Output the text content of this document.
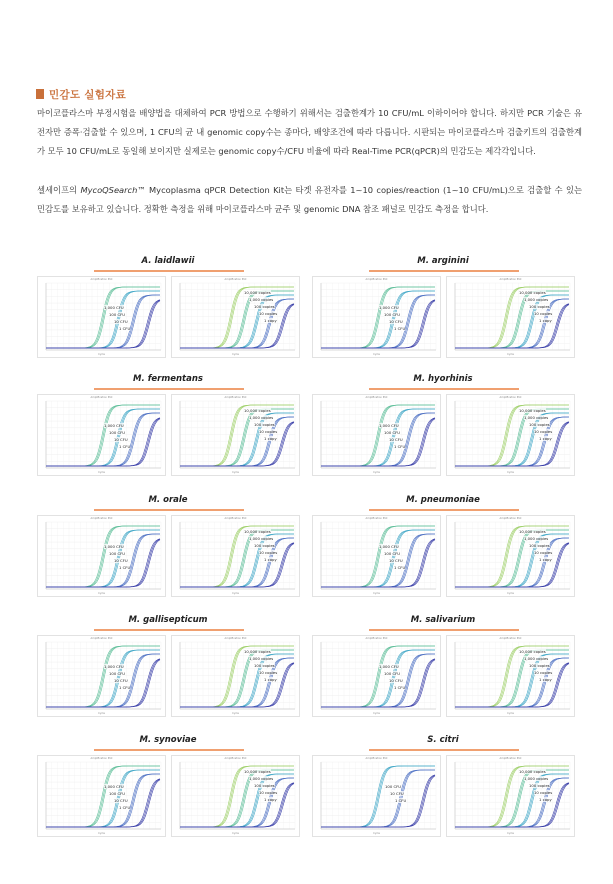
민감도 실험자료

마이코플라스마 부정시험을 배양법을 대체하여 PCR 방법으로 수행하기 위해서는 검출한계가 10 CFU/mL 이하이어야 합니다. 하지만 PCR 기술은 유전자만 증폭·검출할 수 있으며, 1 CFU의 균 내 genomic copy수는 종마다, 배양조건에 따라 다릅니다. 시판되는 마이코플라스마 검출키트의 검출한계가 모두 10 CFU/mL로 동일해 보이지만 실제로는 genomic copy수/CFU 비율에 따라 Real-Time PCR(qPCR)의 민감도는 제각각입니다.

셀세이프의 MycoQSearch™ Mycoplasma qPCR Detection Kit는 타겟 유전자를 1~10 copies/reaction (1~10 CFU/mL)으로 검출할 수 있는 민감도를 보유하고 있습니다. 정확한 측정을 위해 마이코플라스마 균주 및 genomic DNA 참조 패널로 민감도 측정을 합니다.

A. laidlawii
Amplification Plot
Cycle
1,000 CFU
100 CFU
10 CFU
1 CFU
Amplification Plot
Cycle
10,000 copies
1,000 copies
100 copies
10 copies
1 copy
M. arginini
Amplification Plot
Cycle
1,000 CFU
100 CFU
10 CFU
1 CFU
Amplification Plot
Cycle
10,000 copies
1,000 copies
100 copies
10 copies
1 copy
M. fermentans
Amplification Plot
Cycle
1,000 CFU
100 CFU
10 CFU
1 CFU
Amplification Plot
Cycle
10,000 copies
1,000 copies
100 copies
10 copies
1 copy
M. hyorhinis
Amplification Plot
Cycle
1,000 CFU
100 CFU
10 CFU
1 CFU
Amplification Plot
Cycle
10,000 copies
1,000 copies
100 copies
10 copies
1 copy
M. orale
Amplification Plot
Cycle
1,000 CFU
100 CFU
10 CFU
1 CFU
Amplification Plot
Cycle
10,000 copies
1,000 copies
100 copies
10 copies
1 copy
M. pneumoniae
Amplification Plot
Cycle
1,000 CFU
100 CFU
10 CFU
1 CFU
Amplification Plot
Cycle
10,000 copies
1,000 copies
100 copies
10 copies
1 copy
M. gallisepticum
Amplification Plot
Cycle
1,000 CFU
100 CFU
10 CFU
1 CFU
Amplification Plot
Cycle
10,000 copies
1,000 copies
100 copies
10 copies
1 copy
M. salivarium
Amplification Plot
Cycle
1,000 CFU
100 CFU
10 CFU
1 CFU
Amplification Plot
Cycle
10,000 copies
1,000 copies
100 copies
10 copies
1 copy
M. synoviae
Amplification Plot
Cycle
1,000 CFU
100 CFU
10 CFU
1 CFU
Amplification Plot
Cycle
10,000 copies
1,000 copies
100 copies
10 copies
1 copy
S. citri
Amplification Plot
Cycle
100 CFU
10 CFU
1 CFU
Amplification Plot
Cycle
10,000 copies
1,000 copies
100 copies
10 copies
1 copy
